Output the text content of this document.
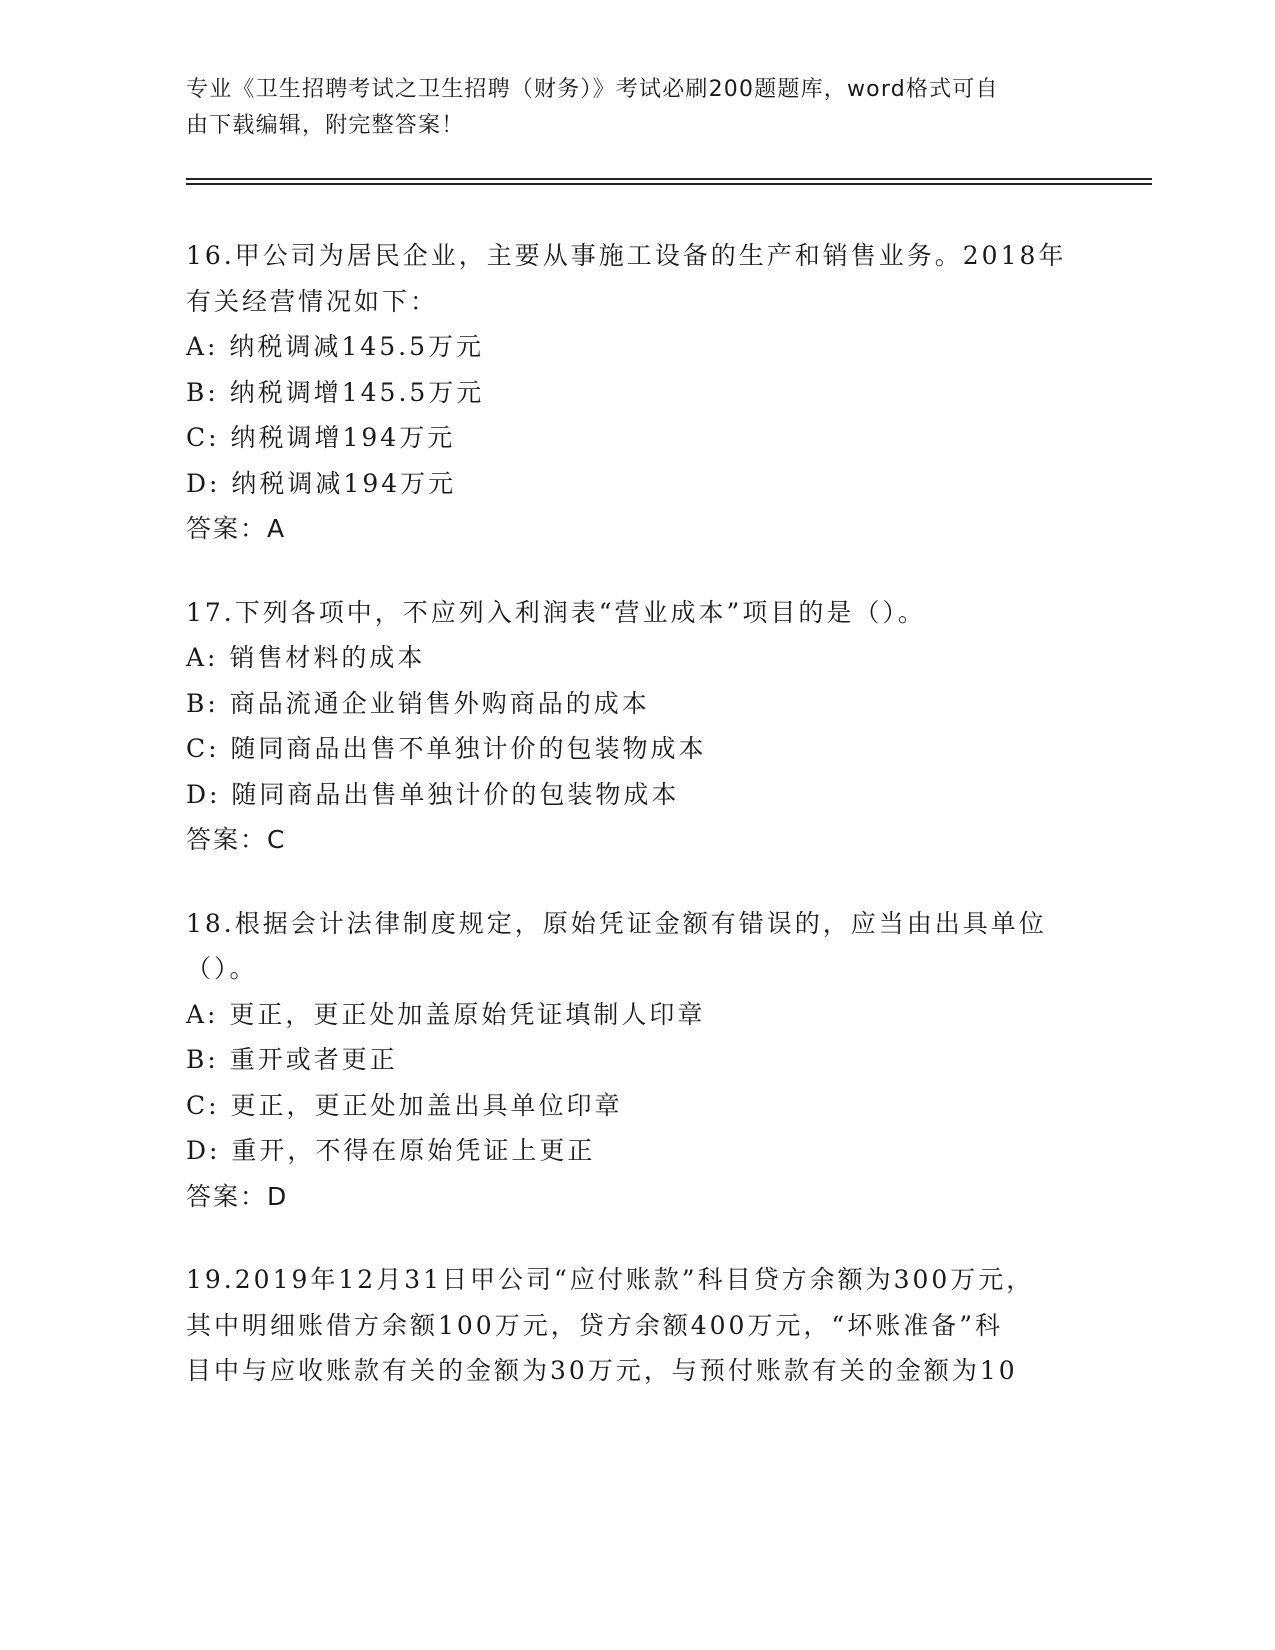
专业《卫生招聘考试之卫生招聘（财务）》考试必刷200题题库，word格式可自
由下载编辑，附完整答案！
16.甲公司为居民企业，主要从事施工设备的生产和销售业务。2018年
有关经营情况如下：
A: 纳税调减145.5万元
B: 纳税调增145.5万元
C: 纳税调增194万元
D: 纳税调减194万元
答案：A
17.下列各项中，不应列入利润表“营业成本”项目的是（）。
A: 销售材料的成本
B: 商品流通企业销售外购商品的成本
C: 随同商品出售不单独计价的包装物成本
D: 随同商品出售单独计价的包装物成本
答案：C
18.根据会计法律制度规定，原始凭证金额有错误的，应当由出具单位
（）。
A: 更正，更正处加盖原始凭证填制人印章
B: 重开或者更正
C: 更正，更正处加盖出具单位印章
D: 重开，不得在原始凭证上更正
答案：D
19.2019年12月31日甲公司“应付账款”科目贷方余额为300万元，
其中明细账借方余额100万元，贷方余额400万元，“坏账准备”科
目中与应收账款有关的金额为30万元，与预付账款有关的金额为10
